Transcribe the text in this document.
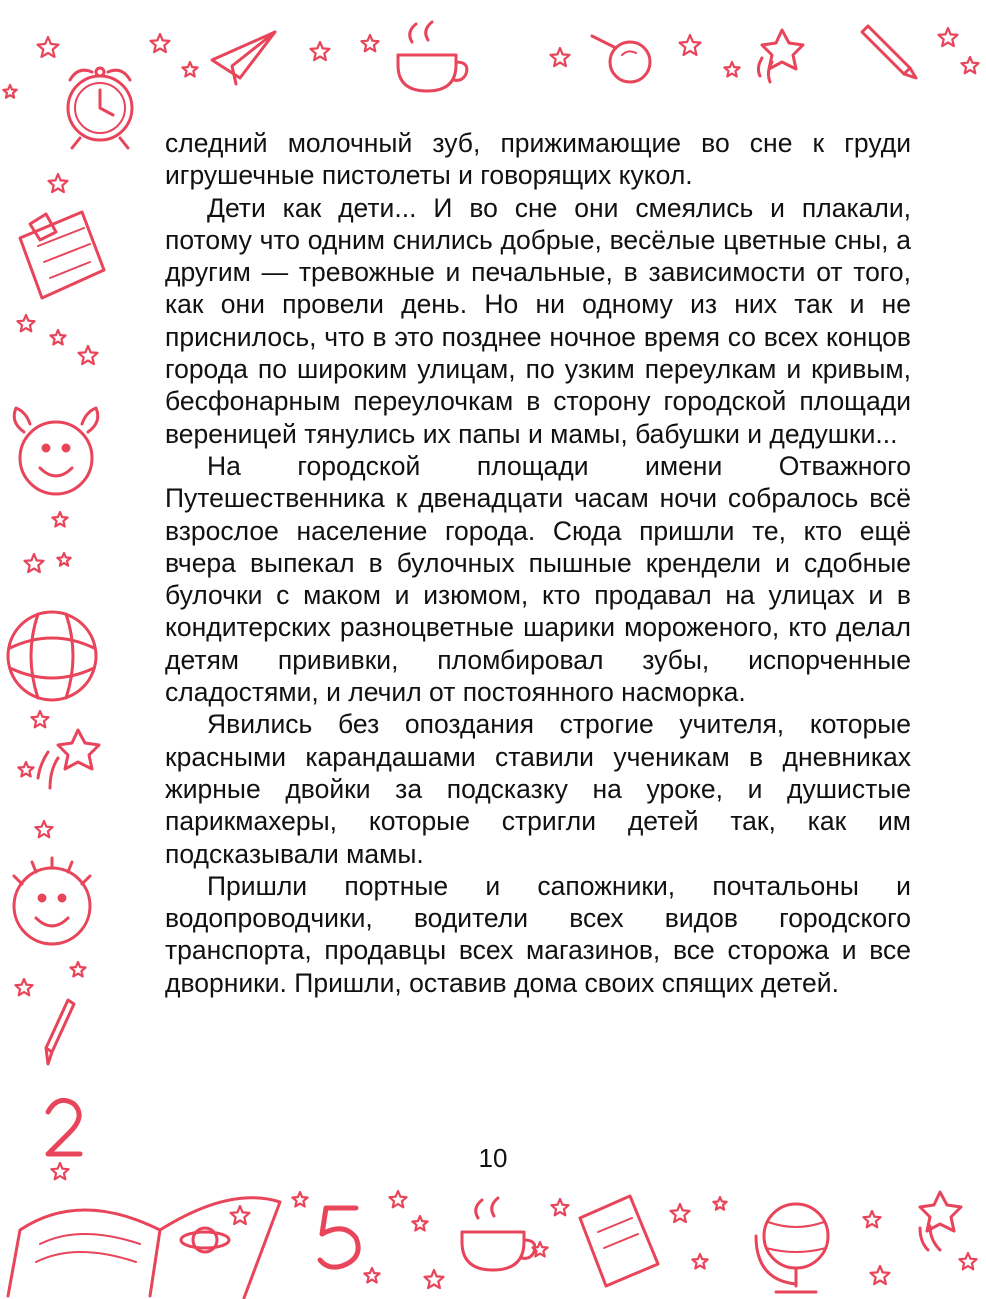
следний молочный зуб, прижимающие во сне к груди игрушечные пистолеты и говорящих кукол.

Дети как дети... И во сне они смеялись и плакали, потому что одним снились добрые, весёлые цветные сны, а другим — тревожные и печальные, в зависимости от того, как они провели день. Но ни одному из них так и не приснилось, что в это позднее ночное время со всех концов города по широким улицам, по узким переулкам и кривым, бесфонарным переулочкам в сторону городской площади вереницей тянулись их папы и мамы, бабушки и дедушки...

На городской площади имени Отважного Путешественника к двенадцати часам ночи собралось всё взрослое население города. Сюда пришли те, кто ещё вчера выпекал в булочных пышные крендели и сдобные булочки с маком и изюмом, кто продавал на улицах и в кондитерских разноцветные шарики мороженого, кто делал детям прививки, пломбировал зубы, испорченные сладостями, и лечил от постоянного насморка.

Явились без опоздания строгие учителя, которые красными карандашами ставили ученикам в дневниках жирные двойки за подсказку на уроке, и душистые парикмахеры, которые стригли детей так, как им подсказывали мамы.

Пришли портные и сапожники, почтальоны и водопроводчики, водители всех видов городского транспорта, продавцы всех магазинов, все сторожа и все дворники. Пришли, оставив дома своих спящих детей.

10
